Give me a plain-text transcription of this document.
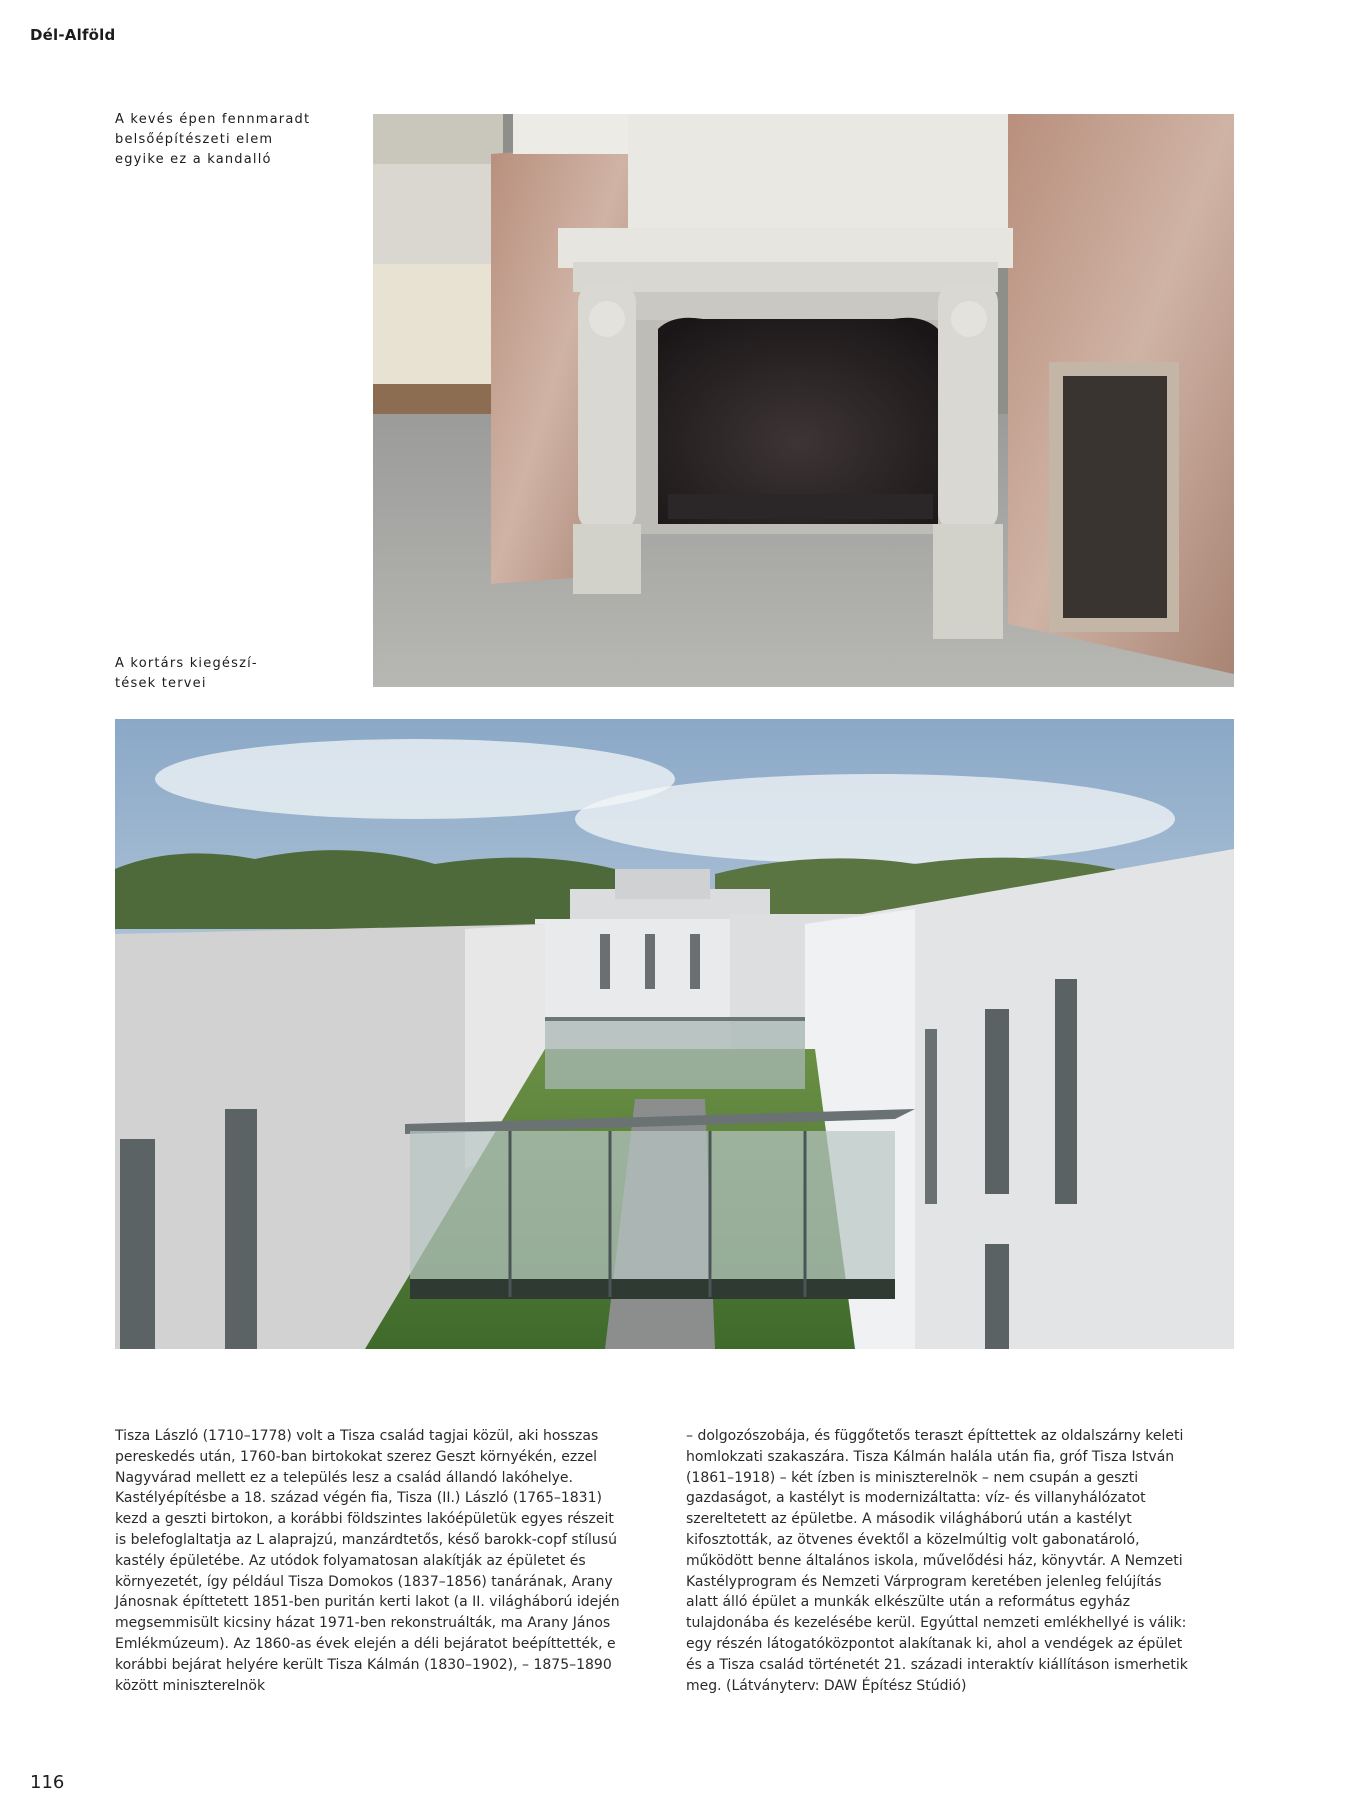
Dél-Alföld

A kevés épen fennmaradt
belsőépítészeti elem
egyike ez a kandalló

A kortárs kiegészí-
tések tervei

Tisza László (1710–1778) volt a Tisza család tagjai közül, aki hosszas pereskedés után, 1760-ban birtokokat szerez Geszt környékén, ezzel Nagyvárad mellett ez a település lesz a család állandó lakóhelye. Kastélyépítésbe a 18. század végén fia, Tisza (II.) László (1765–1831) kezd a geszti birtokon, a korábbi földszintes lakóépületük egyes részeit is belefoglaltatja az L alaprajzú, manzárdtetős, késő barokk-copf stílusú kastély épületébe. Az utódok folyamatosan alakítják az épületet és környezetét, így például Tisza Domokos (1837–1856) tanárának, Arany Jánosnak építtetett 1851-ben puritán kerti lakot (a II. világháború idején megsemmisült kicsiny házat 1971-ben rekonstruálták, ma Arany János Emlékmúzeum). Az 1860-as évek elején a déli bejáratot beépíttették, e korábbi bejárat helyére került Tisza Kálmán (1830–1902), – 1875–1890 között miniszterelnök

– dolgozószobája, és függőtetős teraszt építtettek az oldalszárny keleti homlokzati szakaszára. Tisza Kálmán halála után fia, gróf Tisza István (1861–1918) – két ízben is miniszterelnök – nem csupán a geszti gazdaságot, a kastélyt is modernizáltatta: víz- és villanyhálózatot szereltetett az épületbe. A második világháború után a kastélyt kifosztották, az ötvenes évektől a közelmúltig volt gabonatároló, működött benne általános iskola, művelődési ház, könyvtár. A Nemzeti Kastélyprogram és Nemzeti Várprogram keretében jelenleg felújítás alatt álló épület a munkák elkészülte után a református egyház tulajdonába és kezelésébe kerül. Egyúttal nemzeti emlékhellyé is válik: egy részén látogatóközpontot alakítanak ki, ahol a vendégek az épület és a Tisza család történetét 21. századi interaktív kiállításon ismerhetik meg. (Látványterv: DAW Építész Stúdió)

116
